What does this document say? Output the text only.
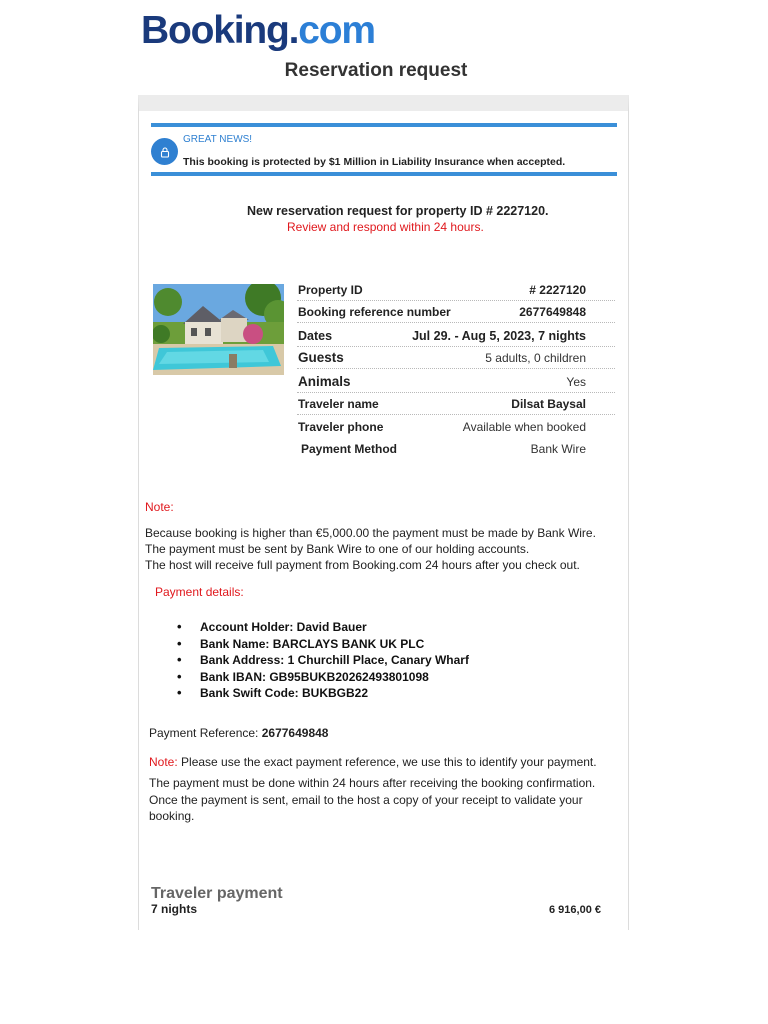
Booking.com
Reservation request
GREAT NEWS!
This booking is protected by $1 Million in Liability Insurance when accepted.
New reservation request for property ID # 2227120.
Review and respond within 24 hours.
Property ID	# 2227120
Booking reference number	2677649848
Dates	Jul 29. - Aug 5, 2023, 7 nights
Guests	5 adults, 0 children
Animals	Yes
Traveler name	Dilsat Baysal
Traveler phone	Available when booked
Payment Method	Bank Wire
Note:
Because booking is higher than €5,000.00 the payment must be made by Bank Wire.
The payment must be sent by Bank Wire to one of our holding accounts.
The host will receive full payment from Booking.com 24 hours after you check out.
Payment details:
• Account Holder: David Bauer
• Bank Name: BARCLAYS BANK UK PLC
• Bank Address: 1 Churchill Place, Canary Wharf
• Bank IBAN: GB95BUKB20262493801098
• Bank Swift Code: BUKBGB22
Payment Reference: 2677649848
Note: Please use the exact payment reference, we use this to identify your payment.
The payment must be done within 24 hours after receiving the booking confirmation. Once the payment is sent, email to the host a copy of your receipt to validate your booking.
Traveler payment
7 nights	6 916,00 €
